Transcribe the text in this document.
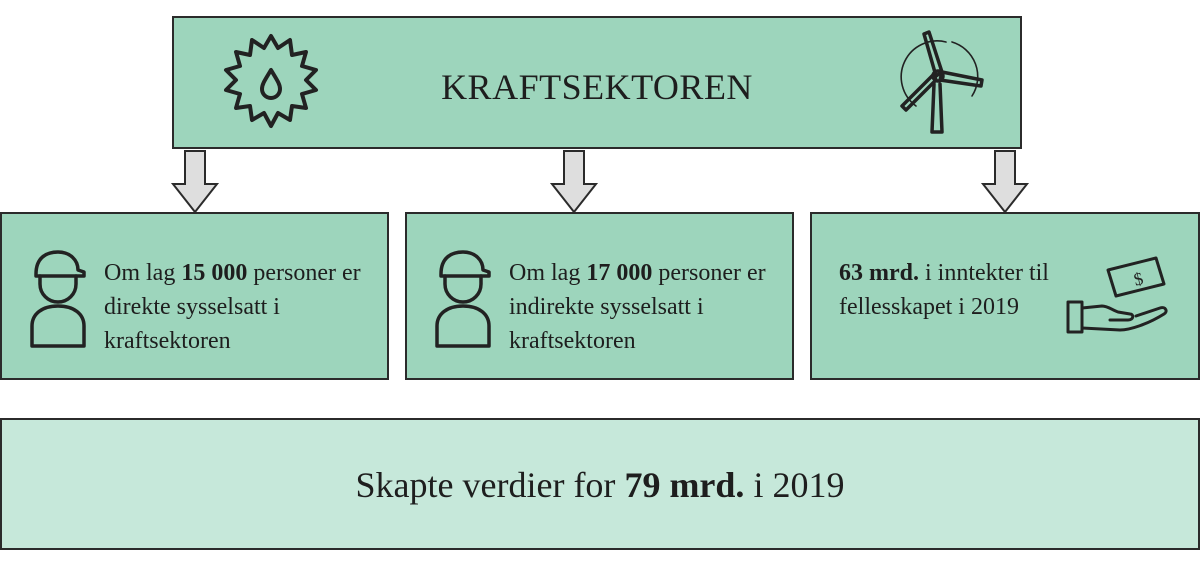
KRAFTSEKTOREN
Om lag 15 000 personer er direkte sysselsatt i kraftsektoren
Om lag 17 000 personer er indirekte sysselsatt i kraftsektoren
63 mrd. i inntekter til fellesskapet i 2019
$
Skapte verdier for 79 mrd. i 2019
